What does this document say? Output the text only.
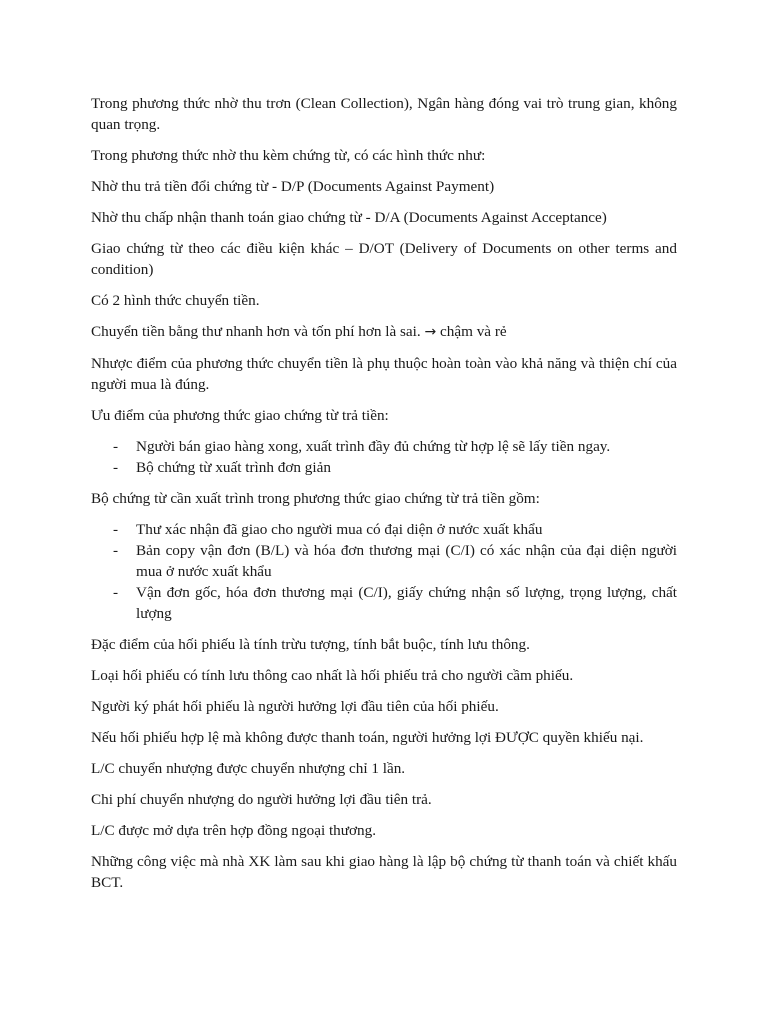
Trong phương thức nhờ thu trơn (Clean Collection), Ngân hàng đóng vai trò trung gian, không quan trọng.

Trong phương thức nhờ thu kèm chứng từ, có các hình thức như:

Nhờ thu trả tiền đổi chứng từ - D/P (Documents Against Payment)

Nhờ thu chấp nhận thanh toán giao chứng từ - D/A (Documents Against Acceptance)

Giao chứng từ theo các điều kiện khác – D/OT (Delivery of Documents on other terms and condition)

Có 2 hình thức chuyển tiền.

Chuyển tiền bằng thư nhanh hơn và tốn phí hơn là sai. → chậm và rẻ

Nhược điểm của phương thức chuyển tiền là phụ thuộc hoàn toàn vào khả năng và thiện chí của người mua là đúng.

Ưu điểm của phương thức giao chứng từ trả tiền:

- Người bán giao hàng xong, xuất trình đầy đủ chứng từ hợp lệ sẽ lấy tiền ngay.
- Bộ chứng từ xuất trình đơn giản

Bộ chứng từ cần xuất trình trong phương thức giao chứng từ trả tiền gồm:

- Thư xác nhận đã giao cho người mua có đại diện ở nước xuất khẩu
- Bản copy vận đơn (B/L) và hóa đơn thương mại (C/I) có xác nhận của đại diện người mua ở nước xuất khẩu
- Vận đơn gốc, hóa đơn thương mại (C/I), giấy chứng nhận số lượng, trọng lượng, chất lượng

Đặc điểm của hối phiếu là tính trừu tượng, tính bắt buộc, tính lưu thông.

Loại hối phiếu có tính lưu thông cao nhất là hối phiếu trả cho người cầm phiếu.

Người ký phát hối phiếu là người hưởng lợi đầu tiên của hối phiếu.

Nếu hối phiếu hợp lệ mà không được thanh toán, người hưởng lợi ĐƯỢC quyền khiếu nại.

L/C chuyển nhượng được chuyển nhượng chỉ 1 lần.

Chi phí chuyển nhượng do người hưởng lợi đầu tiên trả.

L/C được mở dựa trên hợp đồng ngoại thương.

Những công việc mà nhà XK làm sau khi giao hàng là lập bộ chứng từ thanh toán và chiết khấu BCT.
